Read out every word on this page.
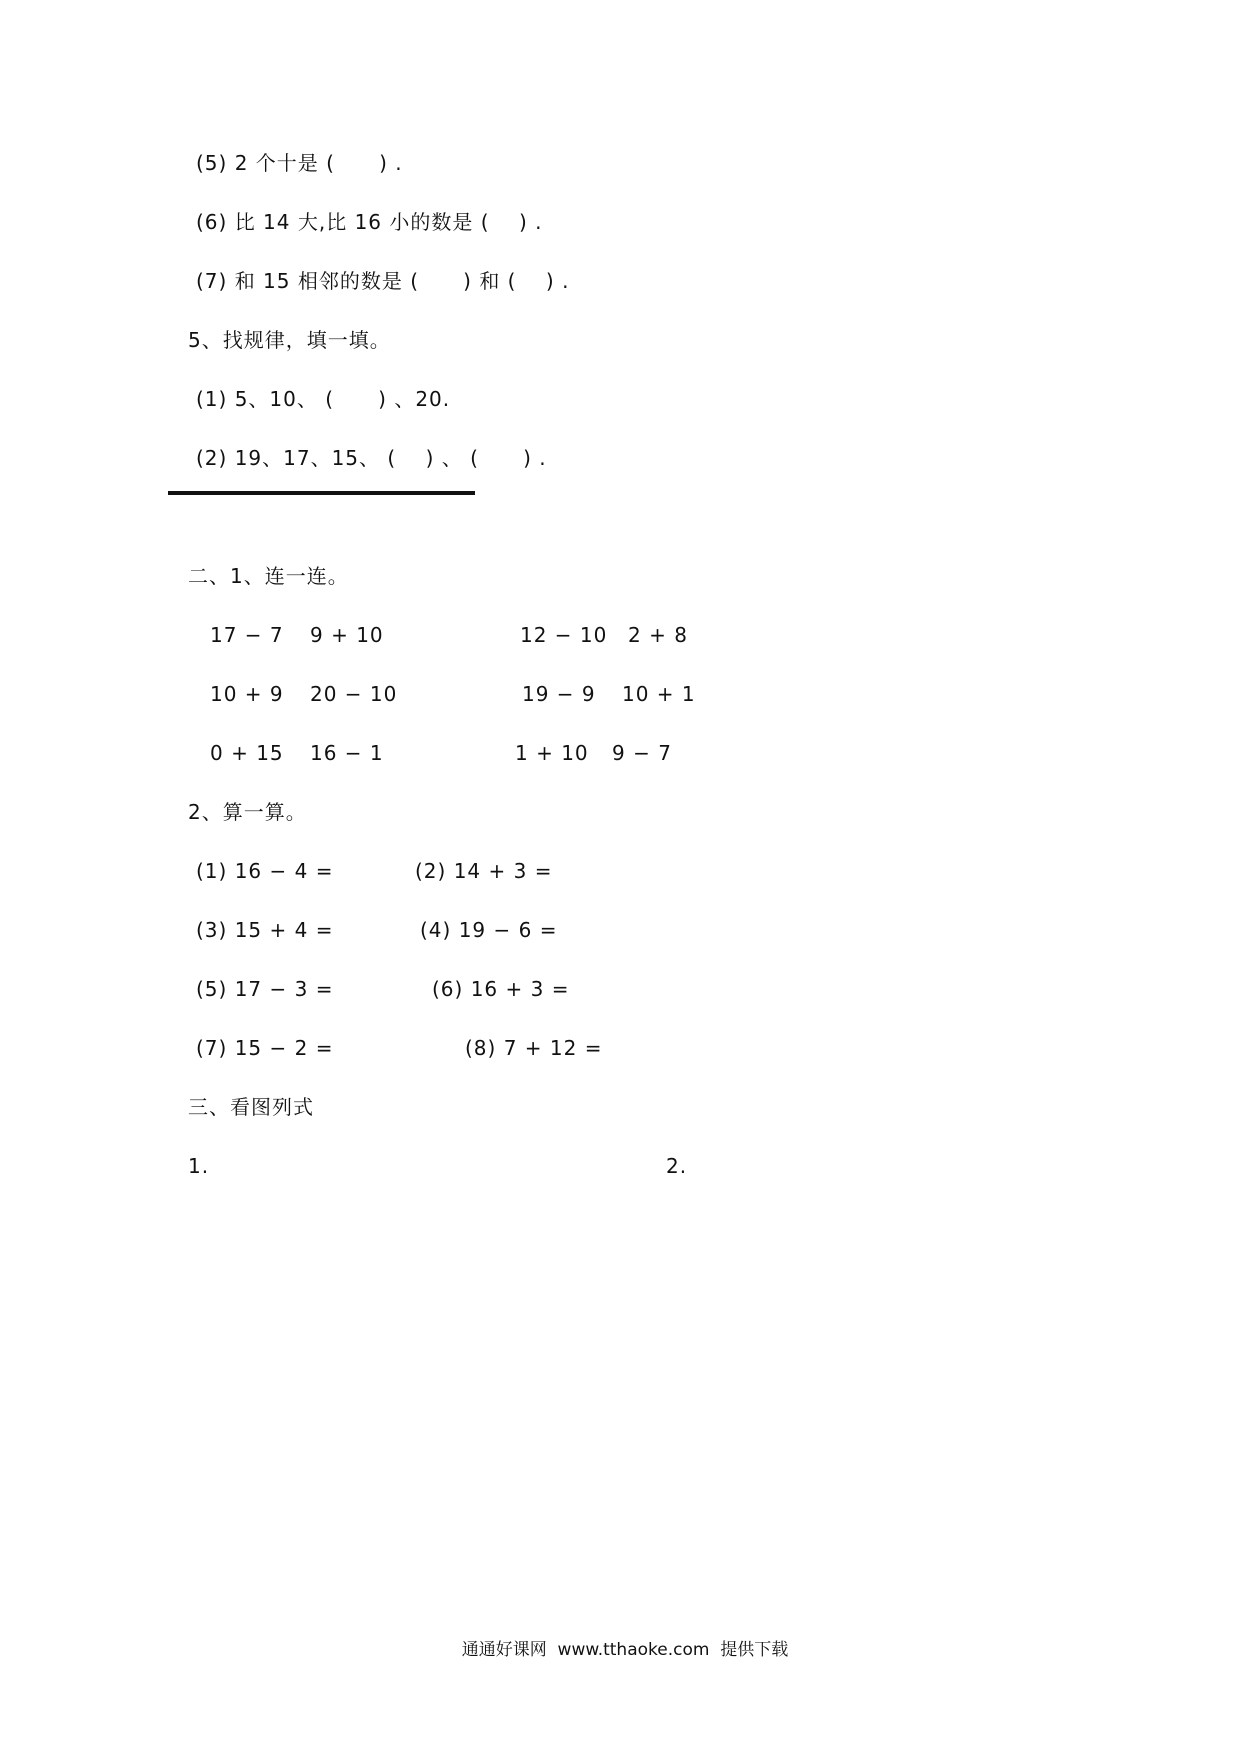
(5) 2 个十是 (      ) .
(6) 比 14 大,比 16 小的数是 (    ) .
(7) 和 15 相邻的数是 (      ) 和 (    ) .
5、找规律，填一填。
(1) 5、10、 (      ) 、20.
(2) 19、17、15、 (    ) 、 (      ) .
二、1、连一连。
17 − 7 9 + 10	12 − 10 2 + 8
10 + 9 20 − 10	19 − 9 10 + 1
0 + 15 16 − 1	1 + 10 9 − 7
2、算一算。
(1) 16 − 4 =	(2) 14 + 3 =
(3) 15 + 4 =	(4) 19 − 6 =
(5) 17 − 3 =	(6) 16 + 3 =
(7) 15 − 2 =	(8) 7 + 12 =
三、看图列式
1.	2.
通通好课网  www.tthaoke.com  提供下载
